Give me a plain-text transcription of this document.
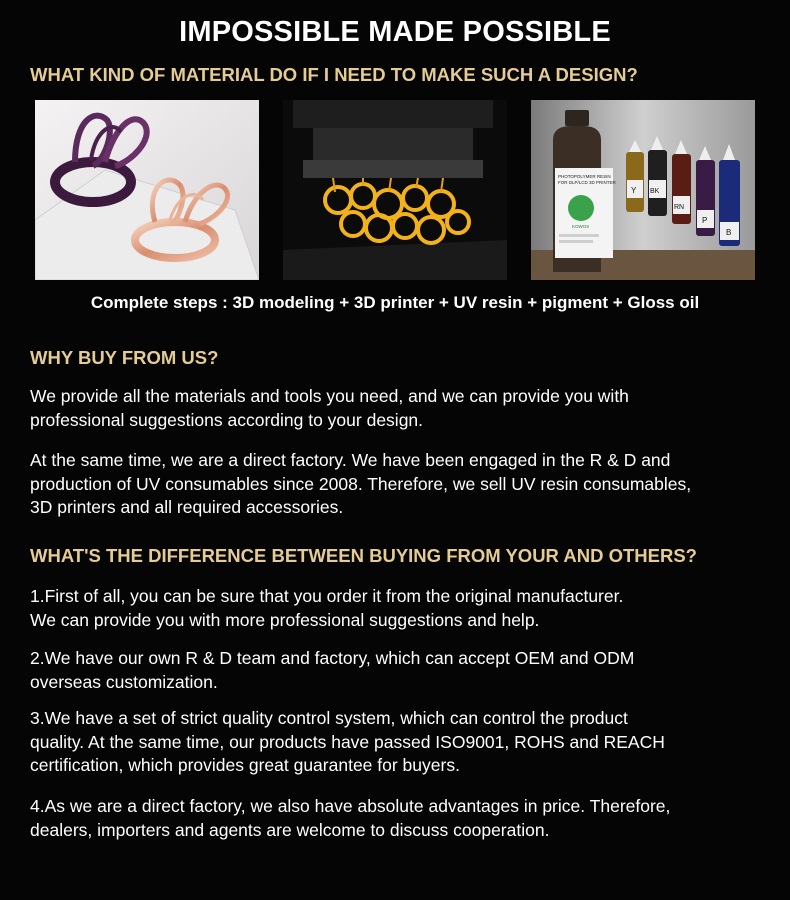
IMPOSSIBLE MADE POSSIBLE
WHAT KIND OF MATERIAL DO IF I NEED TO MAKE SUCH A DESIGN?
PHOTOPOLYMER RESIN
FOR DLP/LCD 3D PRINTER
KOWOS
Y BK
RN
P
B
Complete steps : 3D modeling + 3D printer + UV resin + pigment + Gloss oil
WHY BUY FROM US?
We provide all the materials and tools you need, and we can provide you with
professional suggestions according to your design.
At the same time, we are a direct factory. We have been engaged in the R & D and
production of UV consumables since 2008. Therefore, we sell UV resin consumables,
3D printers and all required accessories.
WHAT'S THE DIFFERENCE BETWEEN BUYING FROM YOUR AND OTHERS?
1.First of all, you can be sure that you order it from the original manufacturer.
We can provide you with more professional suggestions and help.
2.We have our own R & D team and factory, which can accept OEM and ODM
overseas customization.
3.We have a set of strict quality control system, which can control the product
quality. At the same time, our products have passed ISO9001, ROHS and REACH
certification, which provides great guarantee for buyers.
4.As we are a direct factory, we also have absolute advantages in price. Therefore,
dealers, importers and agents are welcome to discuss cooperation.
